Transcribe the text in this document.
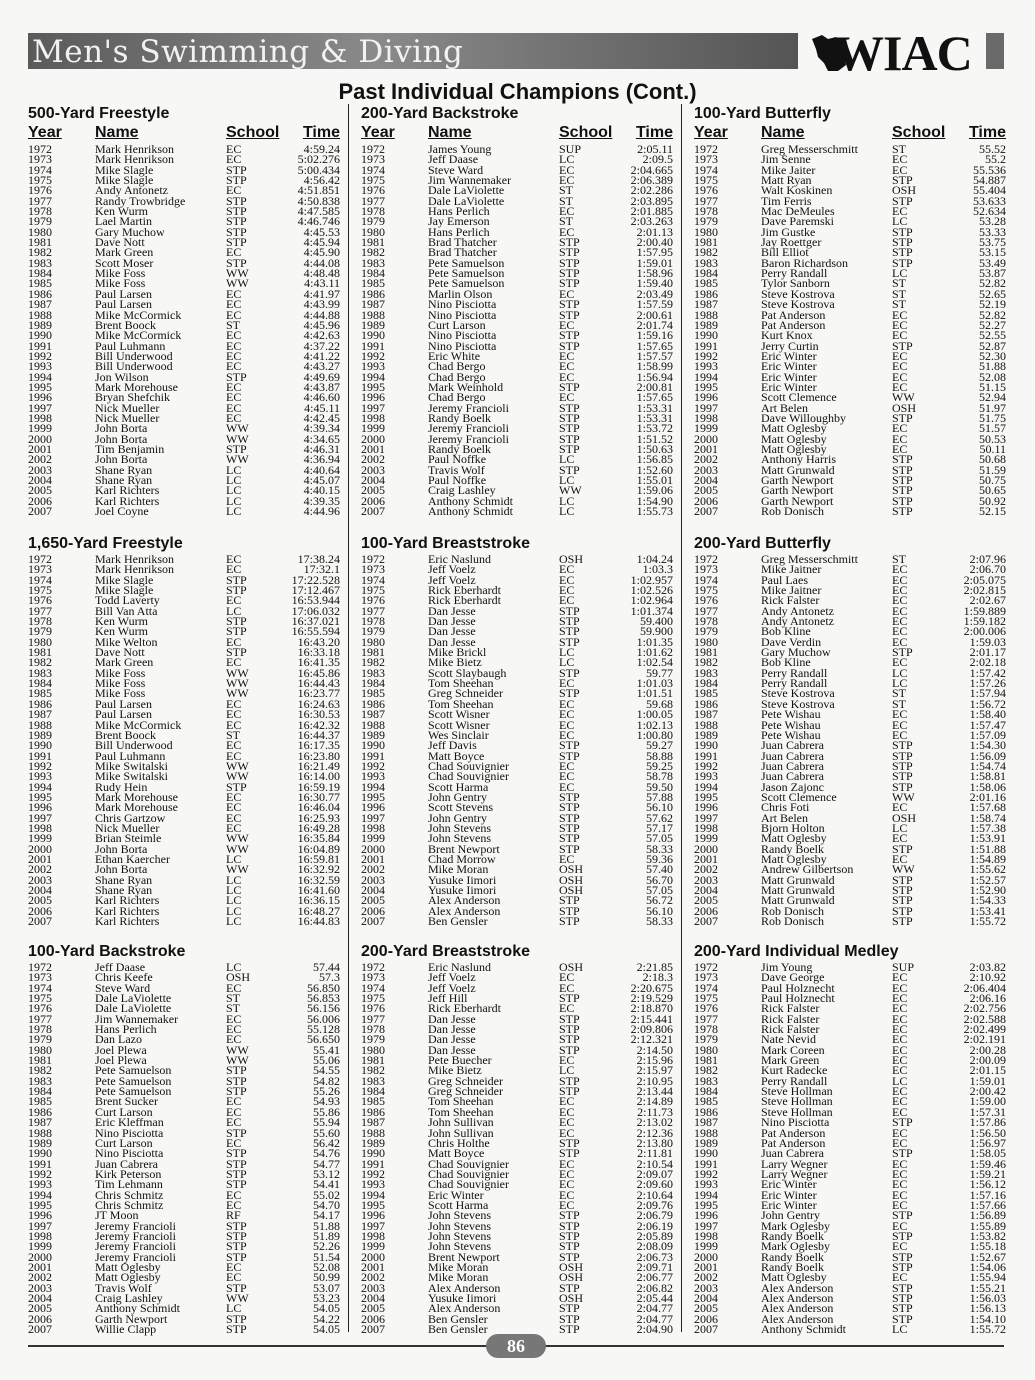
Men's Swimming & Diving	WIAC
Past Individual Champions (Cont.)
500-Yard Freestyle
Year Name	School Time
1972	Mark Henrikson	EC	4:59.24
1973	Mark Henrikson	EC	5:02.276
1974	Mike Slagle	STP	5:00.434
1975	Mike Slagle	STP	4:56.42
1976	Andy Antonetz	EC	4:51.851
1977	Randy Trowbridge	STP	4:50.838
1978	Ken Wurm	STP	4:47.585
1979	Lael Martin	STP	4:46.746
1980	Gary Muchow	STP	4:45.53
1981	Dave Nott	STP	4:45.94
1982	Mark Green	EC	4:45.90
1983	Scott Moser	STP	4:44.08
1984	Mike Foss	WW	4:48.48
1985	Mike Foss	WW	4:43.11
1986	Paul Larsen	EC	4:41.97
1987	Paul Larsen	EC	4:43.99
1988	Mike McCormick	EC	4:44.88
1989	Brent Boock	ST	4:45.96
1990	Mike McCormick	EC	4:42.63
1991	Paul Luhmann	EC	4:37.22
1992	Bill Underwood	EC	4:41.22
1993	Bill Underwood	EC	4:43.27
1994	Jon Wilson	STP	4:49.69
1995	Mark Morehouse	EC	4:43.87
1996	Bryan Shefchik	EC	4:46.60
1997	Nick Mueller	EC	4:45.11
1998	Nick Mueller	EC	4:42.45
1999	John Borta	WW	4:39.34
2000	John Borta	WW	4:34.65
2001	Tim Benjamin	STP	4:46.31
2002	John Borta	WW	4:36.94
2003	Shane Ryan	LC	4:40.64
2004	Shane Ryan	LC	4:45.07
2005	Karl Richters	LC	4:40.15
2006	Karl Richters	LC	4:39.35
2007	Joel Coyne	LC	4:44.96
200-Yard Backstroke
Year Name	School Time
1972	James Young	SUP	2:05.11
1973	Jeff Daase	LC	2:09.5
1974	Steve Ward	EC	2:04.665
1975	Jim Wannemaker	EC	2:06.389
1976	Dale LaViolette	ST	2:02.286
1977	Dale LaViolette	ST	2:03.895
1978	Hans Perlich	EC	2:01.885
1979	Jay Emerson	ST	2:03.263
1980	Hans Perlich	EC	2:01.13
1981	Brad Thatcher	STP	2:00.40
1982	Brad Thatcher	STP	1:57.95
1983	Pete Samuelson	STP	1:59.01
1984	Pete Samuelson	STP	1:58.96
1985	Pete Samuelson	STP	1:59.40
1986	Marlin Olson	EC	2:03.49
1987	Nino Pisciotta	STP	1:57.59
1988	Nino Pisciotta	STP	2:00.61
1989	Curt Larson	EC	2:01.74
1990	Nino Pisciotta	STP	1:59.16
1991	Nino Pisciotta	STP	1:57.65
1992	Eric White	EC	1:57.57
1993	Chad Bergo	EC	1:58.99
1994	Chad Bergo	EC	1:56.94
1995	Mark Weinhold	STP	2:00.81
1996	Chad Bergo	EC	1:57.65
1997	Jeremy Francioli	STP	1:53.31
1998	Randy Boelk	STP	1:53.31
1999	Jeremy Francioli	STP	1:53.72
2000	Jeremy Francioli	STP	1:51.52
2001	Randy Boelk	STP	1:50.63
2002	Paul Noffke	LC	1:56.85
2003	Travis Wolf	STP	1:52.60
2004	Paul Noffke	LC	1:55.01
2005	Craig Lashley	WW	1:59.06
2006	Anthony Schmidt	LC	1:54.90
2007	Anthony Schmidt	LC	1:55.73
100-Yard Butterfly
Year Name	School Time
1972	Greg Messerschmitt	ST	55.52
1973	Jim Senne	EC	55.2
1974	Mike Jaiter	EC	55.536
1975	Matt Ryan	STP	54.887
1976	Walt Koskinen	OSH	55.404
1977	Tim Ferris	STP	53.633
1978	Mac DeMeules	EC	52.634
1979	Dave Paremski	LC	53.28
1980	Jim Gustke	STP	53.33
1981	Jay Roettger	STP	53.75
1982	Bill Elliot	STP	53.15
1983	Baron Richardson	STP	53.49
1984	Perry Randall	LC	53.87
1985	Tylor Sanborn	ST	52.82
1986	Steve Kostrova	ST	52.65
1987	Steve Kostrova	ST	52.19
1988	Pat Anderson	EC	52.82
1989	Pat Anderson	EC	52.27
1990	Kurt Knox	EC	52.55
1991	Jerry Curtin	STP	52.87
1992	Eric Winter	EC	52.30
1993	Eric Winter	EC	51.88
1994	Eric Winter	EC	52.08
1995	Eric Winter	EC	51.15
1996	Scott Clemence	WW	52.94
1997	Art Belen	OSH	51.97
1998	Dave Willoughby	STP	51.75
1999	Matt Oglesby	EC	51.57
2000	Matt Oglesby	EC	50.53
2001	Matt Oglesby	EC	50.11
2002	Anthony Harris	STP	50.68
2003	Matt Grunwald	STP	51.59
2004	Garth Newport	STP	50.75
2005	Garth Newport	STP	50.65
2006	Garth Newport	STP	50.92
2007	Rob Donisch	STP	52.15
1,650-Yard Freestyle
1972	Mark Henrikson	EC	17:38.24
1973	Mark Henrikson	EC	17:32.1
1974	Mike Slagle	STP	17:22.528
1975	Mike Slagle	STP	17:12.467
1976	Todd Laverty	EC	16:53.944
1977	Bill Van Atta	LC	17:06.032
1978	Ken Wurm	STP	16:37.021
1979	Ken Wurm	STP	16:55.594
1980	Mike Welton	EC	16:43.20
1981	Dave Nott	STP	16:33.18
1982	Mark Green	EC	16:41.35
1983	Mike Foss	WW	16:45.86
1984	Mike Foss	WW	16:44.43
1985	Mike Foss	WW	16:23.77
1986	Paul Larsen	EC	16:24.63
1987	Paul Larsen	EC	16:30.53
1988	Mike McCormick	EC	16:42.32
1989	Brent Boock	ST	16:44.37
1990	Bill Underwood	EC	16:17.35
1991	Paul Luhmann	EC	16:23.80
1992	Mike Switalski	WW	16:21.49
1993	Mike Switalski	WW	16:14.00
1994	Rudy Hein	STP	16:59.19
1995	Mark Morehouse	EC	16:30.77
1996	Mark Morehouse	EC	16:46.04
1997	Chris Gartzow	EC	16:25.93
1998	Nick Mueller	EC	16:49.28
1999	Brian Steimle	WW	16:35.84
2000	John Borta	WW	16:04.89
2001	Ethan Kaercher	LC	16:59.81
2002	John Borta	WW	16:32.92
2003	Shane Ryan	LC	16:32.59
2004	Shane Ryan	LC	16:41.60
2005	Karl Richters	LC	16:36.15
2006	Karl Richters	LC	16:48.27
2007	Karl Richters	LC	16:44.83
100-Yard Breaststroke
1972	Eric Naslund	OSH	1:04.24
1973	Jeff Voelz	EC	1:03.3
1974	Jeff Voelz	EC	1:02.957
1975	Rick Eberhardt	EC	1:02.526
1976	Rick Eberhardt	EC	1:02.964
1977	Dan Jesse	STP	1:01.374
1978	Dan Jesse	STP	59.400
1979	Dan Jesse	STP	59.900
1980	Dan Jesse	STP	1:01.35
1981	Mike Brickl	LC	1:01.62
1982	Mike Bietz	LC	1:02.54
1983	Scott Slaybaugh	STP	59.77
1984	Tom Sheehan	EC	1:01.03
1985	Greg Schneider	STP	1:01.51
1986	Tom Sheehan	EC	59.68
1987	Scott Wisner	EC	1:00.05
1988	Scott Wisner	EC	1:02.13
1989	Wes Sinclair	EC	1:00.80
1990	Jeff Davis	STP	59.27
1991	Matt Boyce	STP	58.88
1992	Chad Souvignier	EC	59.25
1993	Chad Souvignier	EC	58.78
1994	Scott Harma	EC	59.50
1995	John Gentry	STP	57.88
1996	Scott Stevens	STP	56.10
1997	John Gentry	STP	57.62
1998	John Stevens	STP	57.17
1999	John Stevens	STP	57.05
2000	Brent Newport	STP	58.33
2001	Chad Morrow	EC	59.36
2002	Mike Moran	OSH	57.40
2003	Yusuke Iimori	OSH	56.70
2004	Yusuke Iimori	OSH	57.05
2005	Alex Anderson	STP	56.72
2006	Alex Anderson	STP	56.10
2007	Ben Gensler	STP	58.33
200-Yard Butterfly
1972	Greg Messerschmitt	ST	2:07.96
1973	Mike Jaitner	EC	2:06.70
1974	Paul Laes	EC	2:05.075
1975	Mike Jaitner	EC	2:02.815
1976	Rick Falster	EC	2:02.67
1977	Andy Antonetz	EC	1:59.889
1978	Andy Antonetz	EC	1:59.182
1979	Bob Kline	EC	2:00.006
1980	Dave Verdin	EC	1:59.03
1981	Gary Muchow	STP	2:01.17
1982	Bob Kline	EC	2:02.18
1983	Perry Randall	LC	1:57.42
1984	Perry Randall	LC	1:57.26
1985	Steve Kostrova	ST	1:57.94
1986	Steve Kostrova	ST	1:56.72
1987	Pete Wishau	EC	1:58.40
1988	Pete Wishau	EC	1:57.47
1989	Pete Wishau	EC	1:57.09
1990	Juan Cabrera	STP	1:54.30
1991	Juan Cabrera	STP	1:56.09
1992	Juan Cabrera	STP	1:54.74
1993	Juan Cabrera	STP	1:58.81
1994	Jason Zajonc	STP	1:58.06
1995	Scott Clemence	WW	2:01.16
1996	Chris Foti	EC	1:57.68
1997	Art Belen	OSH	1:58.74
1998	Bjorn Holton	LC	1:57.38
1999	Matt Oglesby	EC	1:53.91
2000	Randy Boelk	STP	1:51.88
2001	Matt Oglesby	EC	1:54.89
2002	Andrew Gilbertson	WW	1:55.62
2003	Matt Grunwald	STP	1:52.57
2004	Matt Grunwald	STP	1:52.90
2005	Matt Grunwald	STP	1:54.33
2006	Rob Donisch	STP	1:53.41
2007	Rob Donisch	STP	1:55.72
100-Yard Backstroke
1972	Jeff Daase	LC	57.44
1973	Chris Keefe	OSH	57.3
1974	Steve Ward	EC	56.850
1975	Dale LaViolette	ST	56.853
1976	Dale LaViolette	ST	56.156
1977	Jim Wannemaker	EC	56.006
1978	Hans Perlich	EC	55.128
1979	Dan Lazo	EC	56.650
1980	Joel Plewa	WW	55.41
1981	Joel Plewa	WW	55.06
1982	Pete Samuelson	STP	54.55
1983	Pete Samuelson	STP	54.82
1984	Pete Samuelson	STP	55.26
1985	Brent Sucker	EC	54.93
1986	Curt Larson	EC	55.86
1987	Eric Kleffman	EC	55.94
1988	Nino Pisciotta	STP	55.60
1989	Curt Larson	EC	56.42
1990	Nino Pisciotta	STP	54.76
1991	Juan Cabrera	STP	54.77
1992	Kirk Peterson	STP	53.12
1993	Tim Lehmann	STP	54.41
1994	Chris Schmitz	EC	55.02
1995	Chris Schmitz	EC	54.70
1996	JT Moon	RF	54.17
1997	Jeremy Francioli	STP	51.88
1998	Jeremy Francioli	STP	51.89
1999	Jeremy Francioli	STP	52.26
2000	Jeremy Francioli	STP	51.54
2001	Matt Oglesby	EC	52.08
2002	Matt Oglesby	EC	50.99
2003	Travis Wolf	STP	53.07
2004	Craig Lashley	WW	53.23
2005	Anthony Schmidt	LC	54.05
2006	Garth Newport	STP	54.22
2007	Willie Clapp	STP	54.05
200-Yard Breaststroke
1972	Eric Naslund	OSH	2:21.85
1973	Jeff Voelz	EC	2:18.3
1974	Jeff Voelz	EC	2:20.675
1975	Jeff Hill	STP	2:19.529
1976	Rick Eberhardt	EC	2:18.870
1977	Dan Jesse	STP	2:15.441
1978	Dan Jesse	STP	2:09.806
1979	Dan Jesse	STP	2:12.321
1980	Dan Jesse	STP	2:14.50
1981	Pete Buecher	EC	2:15.96
1982	Mike Bietz	LC	2:15.97
1983	Greg Schneider	STP	2:10.95
1984	Greg Schneider	STP	2:13.44
1985	Tom Sheehan	EC	2:14.89
1986	Tom Sheehan	EC	2:11.73
1987	John Sullivan	EC	2:13.02
1988	John Sullivan	EC	2:12.36
1989	Chris Holthe	STP	2:13.80
1990	Matt Boyce	STP	2:11.81
1991	Chad Souvignier	EC	2:10.54
1992	Chad Souvignier	EC	2:09.07
1993	Chad Souvignier	EC	2:09.60
1994	Eric Winter	EC	2:10.64
1995	Scott Harma	EC	2:09.76
1996	John Stevens	STP	2:06.79
1997	John Stevens	STP	2:06.19
1998	John Stevens	STP	2:05.89
1999	John Stevens	STP	2:08.09
2000	Brent Newport	STP	2:06.73
2001	Mike Moran	OSH	2:09.71
2002	Mike Moran	OSH	2:06.77
2003	Alex Anderson	STP	2:06.82
2004	Yusuke Iimori	OSH	2:05.44
2005	Alex Anderson	STP	2:04.77
2006	Ben Gensler	STP	2:04.77
2007	Ben Gensler	STP	2:04.90
200-Yard Individual Medley
1972	Jim Young	SUP	2:03.82
1973	Dave George	EC	2:10.92
1974	Paul Holznecht	EC	2:06.404
1975	Paul Holznecht	EC	2:06.16
1976	Rick Falster	EC	2:02.756
1977	Rick Falster	EC	2:02.588
1978	Rick Falster	EC	2:02.499
1979	Nate Nevid	EC	2:02.191
1980	Mark Coreen	EC	2:00.28
1981	Mark Green	EC	2:00.09
1982	Kurt Radecke	EC	2:01.15
1983	Perry Randall	LC	1:59.01
1984	Steve Hollman	EC	2:00.42
1985	Steve Hollman	EC	1:59.00
1986	Steve Hollman	EC	1:57.31
1987	Nino Pisciotta	STP	1:57.86
1988	Pat Anderson	EC	1:56.50
1989	Pat Anderson	EC	1:56.97
1990	Juan Cabrera	STP	1:58.05
1991	Larry Wegner	EC	1:59.46
1992	Larry Wegner	EC	1:59.21
1993	Eric Winter	EC	1:56.12
1994	Eric Winter	EC	1:57.16
1995	Eric Winter	EC	1:57.66
1996	John Gentry	STP	1:56.89
1997	Mark Oglesby	EC	1:55.89
1998	Randy Boelk	STP	1:53.82
1999	Mark Oglesby	EC	1:55.18
2000	Randy Boelk	STP	1:52.67
2001	Randy Boelk	STP	1:54.06
2002	Matt Oglesby	EC	1:55.94
2003	Alex Anderson	STP	1:55.21
2004	Alex Anderson	STP	1:56.03
2005	Alex Anderson	STP	1:56.13
2006	Alex Anderson	STP	1:54.10
2007	Anthony Schmidt	LC	1:55.72
86
